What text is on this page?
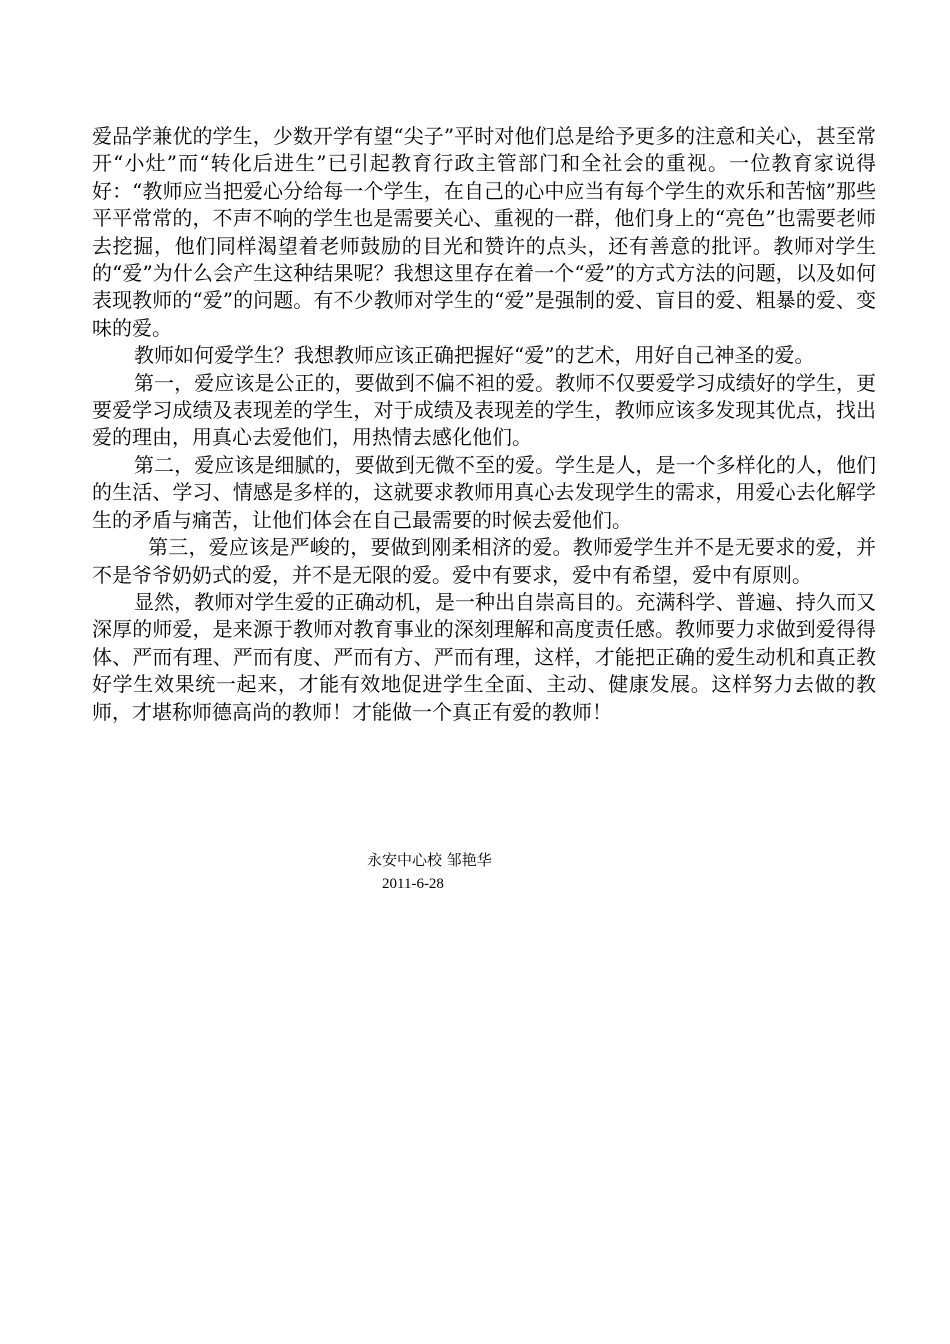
爱品学兼优的学生，少数开学有望“尖子”平时对他们总是给予更多的注意和关心，甚至常开“小灶”而“转化后进生”已引起教育行政主管部门和全社会的重视。一位教育家说得好：“教师应当把爱心分给每一个学生，在自己的心中应当有每个学生的欢乐和苦恼”那些平平常常的，不声不响的学生也是需要关心、重视的一群，他们身上的“亮色”也需要老师去挖掘，他们同样渴望着老师鼓励的目光和赞许的点头，还有善意的批评。教师对学生的“爱”为什么会产生这种结果呢？我想这里存在着一个“爱”的方式方法的问题，以及如何表现教师的“爱”的问题。有不少教师对学生的“爱”是强制的爱、盲目的爱、粗暴的爱、变味的爱。

教师如何爱学生？我想教师应该正确把握好“爱”的艺术，用好自己神圣的爱。

第一，爱应该是公正的，要做到不偏不袒的爱。教师不仅要爱学习成绩好的学生，更要爱学习成绩及表现差的学生，对于成绩及表现差的学生，教师应该多发现其优点，找出爱的理由，用真心去爱他们，用热情去感化他们。

第二，爱应该是细腻的，要做到无微不至的爱。学生是人，是一个多样化的人，他们的生活、学习、情感是多样的，这就要求教师用真心去发现学生的需求，用爱心去化解学生的矛盾与痛苦，让他们体会在自己最需要的时候去爱他们。

第三，爱应该是严峻的，要做到刚柔相济的爱。教师爱学生并不是无要求的爱，并不是爷爷奶奶式的爱，并不是无限的爱。爱中有要求，爱中有希望，爱中有原则。

显然，教师对学生爱的正确动机，是一种出自崇高目的。充满科学、普遍、持久而又深厚的师爱，是来源于教师对教育事业的深刻理解和高度责任感。教师要力求做到爱得得体、严而有理、严而有度、严而有方、严而有理，这样，才能把正确的爱生动机和真正教好学生效果统一起来，才能有效地促进学生全面、主动、健康发展。这样努力去做的教师，才堪称师德高尚的教师！才能做一个真正有爱的教师！

永安中心校 邹艳华
2011-6-28
